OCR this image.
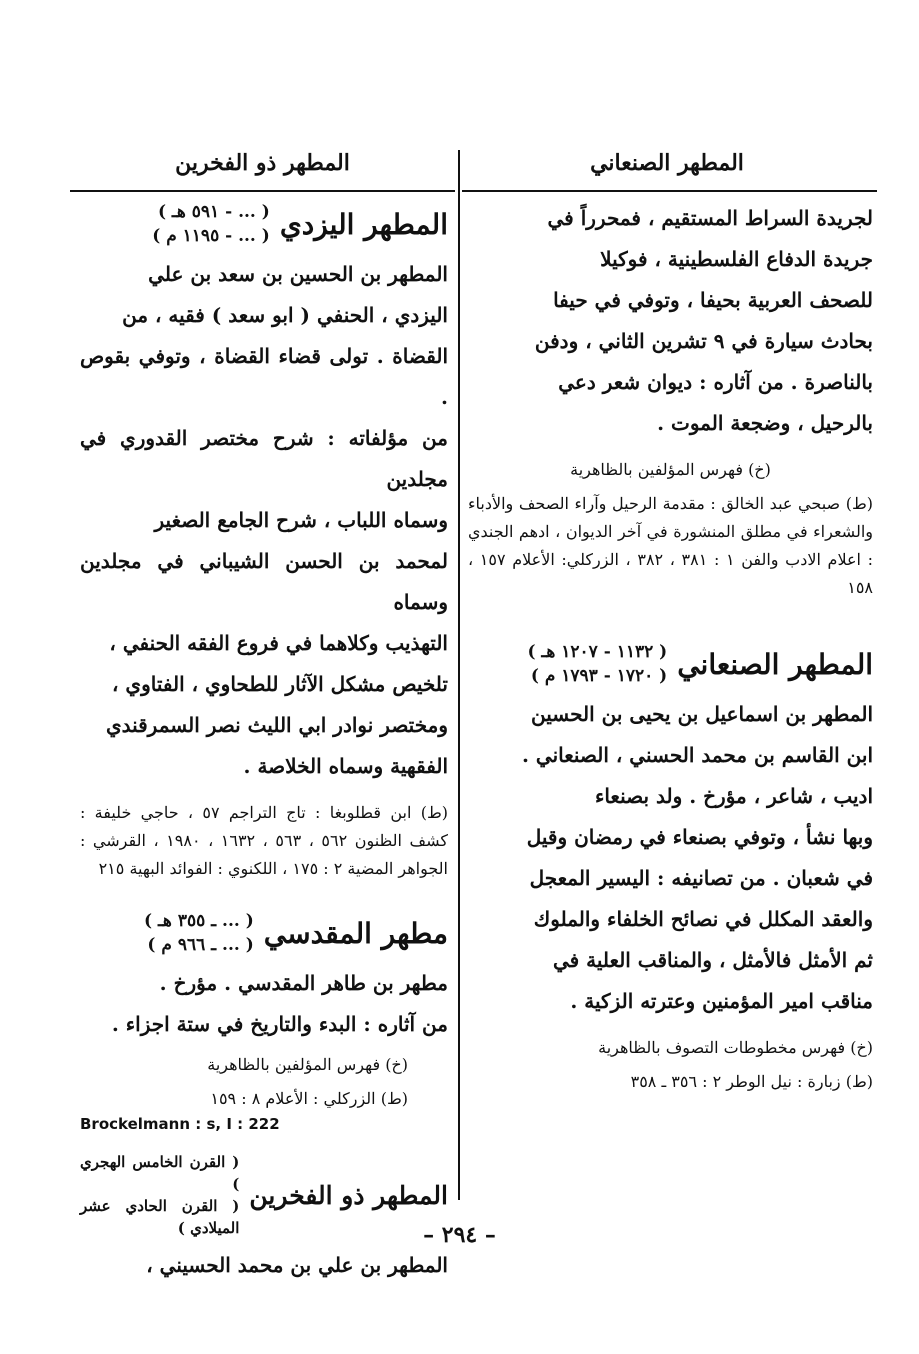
المطهر الصنعاني
المطهر ذو الفخرين

لجريدة السراط المستقيم ، فمحرراً في
جريدة الدفاع الفلسطينية ، فوكيلا
للصحف العربية بحيفا ، وتوفي في حيفا
بحادث سيارة في ٩ تشرين الثاني ، ودفن
بالناصرة . من آثاره : ديوان شعر دعي
بالرحيل ، وضجعة الموت .

(خ) فهرس المؤلفين بالظاهرية

(ط) صبحي عبد الخالق : مقدمة الرحيل وآراء الصحف والأدباء والشعراء في مطلق المنشورة في آخر الديوان ، ادهم الجندي : اعلام الادب والفن ١ : ٣٨١ ، ٣٨٢ ، الزركلي: الأعلام ١٥٧ ، ١٥٨

المطهر الصنعاني
( ١١٣٢ - ١٢٠٧ هـ )
( ١٧٢٠ - ١٧٩٣ م )

المطهر بن اسماعيل بن يحيى بن الحسين
ابن القاسم بن محمد الحسني ، الصنعاني .
اديب ، شاعر ، مؤرخ . ولد بصنعاء
وبها نشأ ، وتوفي بصنعاء في رمضان وقيل
في شعبان . من تصانيفه : اليسير المعجل
والعقد المكلل في نصائح الخلفاء والملوك
ثم الأمثل فالأمثل ، والمناقب العلية في
مناقب امير المؤمنين وعترته الزكية .

(خ) فهرس مخطوطات التصوف بالظاهرية

(ط) زبارة : نيل الوطر ٢ : ٣٥٦ ـ ٣٥٨

المطهر اليزدي
( ... - ٥٩١ هـ )
( ... - ١١٩٥ م )

المطهر بن الحسين بن سعد بن علي
اليزدي ، الحنفي ( ابو سعد ) فقيه ، من
القضاة . تولى قضاء القضاة ، وتوفي بقوص .
من مؤلفاته : شرح مختصر القدوري في مجلدين
وسماه اللباب ، شرح الجامع الصغير
لمحمد بن الحسن الشيباني في مجلدين وسماه
التهذيب وكلاهما في فروع الفقه الحنفي ،
تلخيص مشكل الآثار للطحاوي ، الفتاوي ،
ومختصر نوادر ابي الليث نصر السمرقندي
الفقهية وسماه الخلاصة .

(ط) ابن قطلوبغا : تاج التراجم ٥٧ ، حاجي خليفة : كشف الظنون ٥٦٢ ، ٥٦٣ ، ١٦٣٢ ، ١٩٨٠ ، القرشي : الجواهر المضية ٢ : ١٧٥ ، اللكنوي : الفوائد البهية ٢١٥

مطهر المقدسي
( ... ـ ٣٥٥ هـ )
( ... ـ ٩٦٦ م )

مطهر بن طاهر المقدسي . مؤرخ .
من آثاره : البدء والتاريخ في ستة اجزاء .

(خ) فهرس المؤلفين بالظاهرية

(ط) الزركلي : الأعلام ٨ : ١٥٩

Brockelmann : s, I : 222

المطهر ذو الفخرين
( القرن الخامس الهجري )
( القرن الحادي عشر الميلادي )

المطهر بن علي بن محمد الحسيني ،

– ٢٩٤ –
